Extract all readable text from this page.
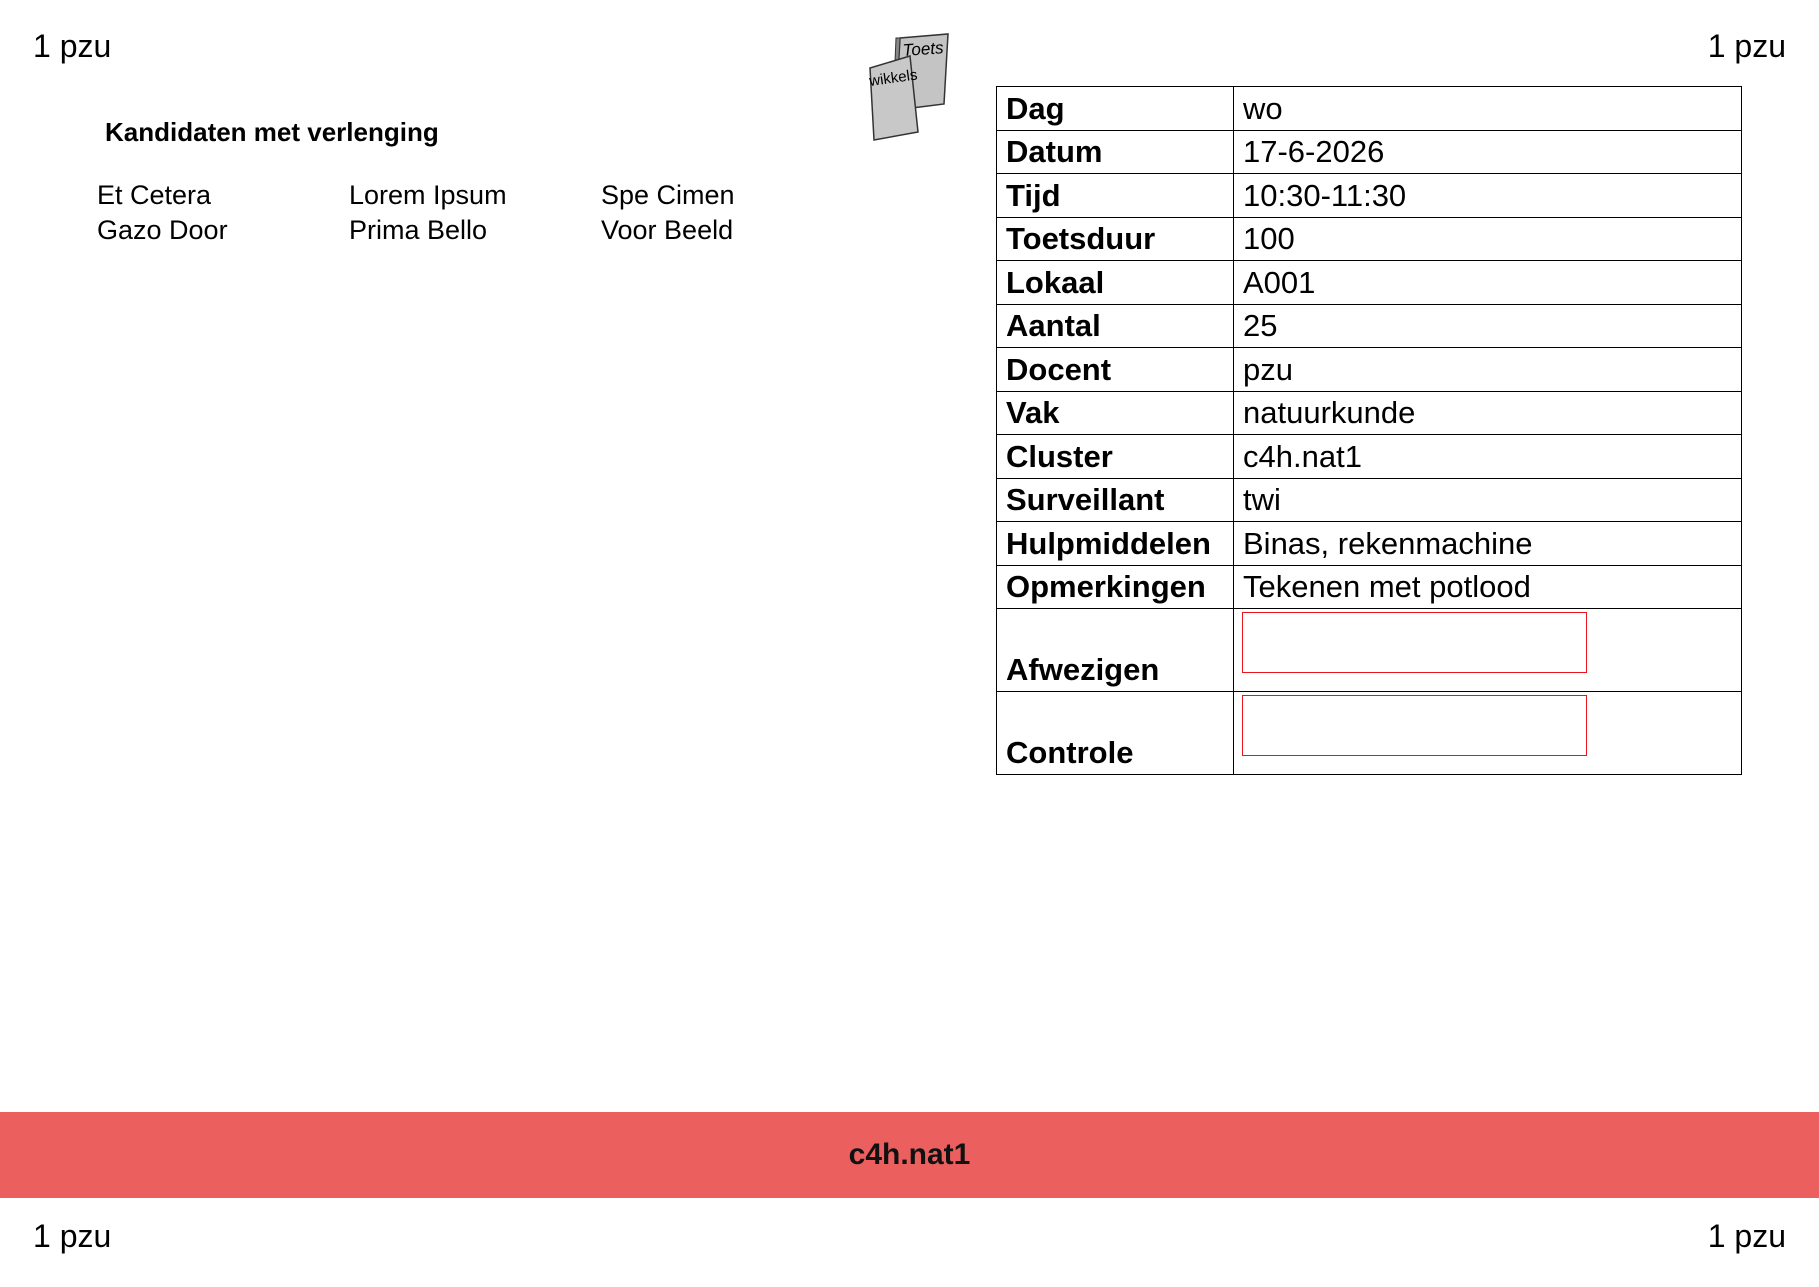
1 pzu	1 pzu
Toets
wikkels
Kandidaten met verlenging
Et Cetera	Lorem Ipsum	Spe Cimen
Gazo Door	Prima Bello	Voor Beeld
Dag	wo
Datum	17-6-2026
Tijd	10:30-11:30
Toetsduur	100
Lokaal	A001
Aantal	25
Docent	pzu
Vak	natuurkunde
Cluster	c4h.nat1
Surveillant	twi
Hulpmiddelen	Binas, rekenmachine
Opmerkingen	Tekenen met potlood
Afwezigen	

Controle	
c4h.nat1
1 pzu	1 pzu
